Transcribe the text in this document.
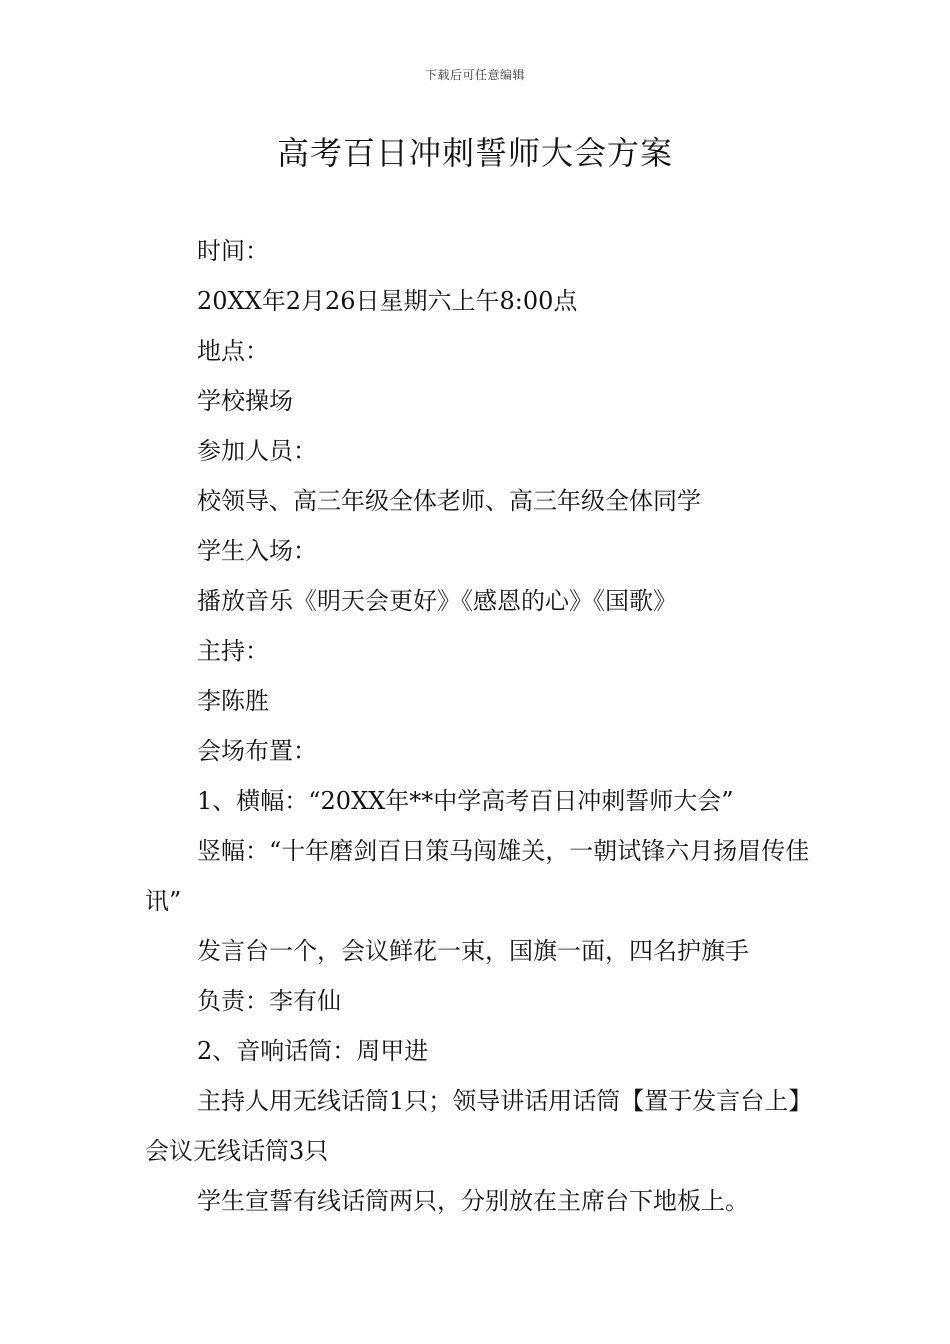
下载后可任意编辑
高考百日冲刺誓师大会方案

时间：

20XX年2月26日星期六上午8:00点

地点：

学校操场

参加人员：

校领导、高三年级全体老师、高三年级全体同学

学生入场：

播放音乐《明天会更好》《感恩的心》《国歌》

主持：

李陈胜

会场布置：

1、横幅：“20XX年**中学高考百日冲刺誓师大会”

竖幅：“十年磨剑百日策马闯雄关，一朝试锋六月扬眉传佳讯”

发言台一个，会议鲜花一束，国旗一面，四名护旗手

负责：李有仙

2、音响话筒：周甲进

主持人用无线话筒1只；领导讲话用话筒【置于发言台上】会议无线话筒3只

学生宣誓有线话筒两只，分别放在主席台下地板上。
